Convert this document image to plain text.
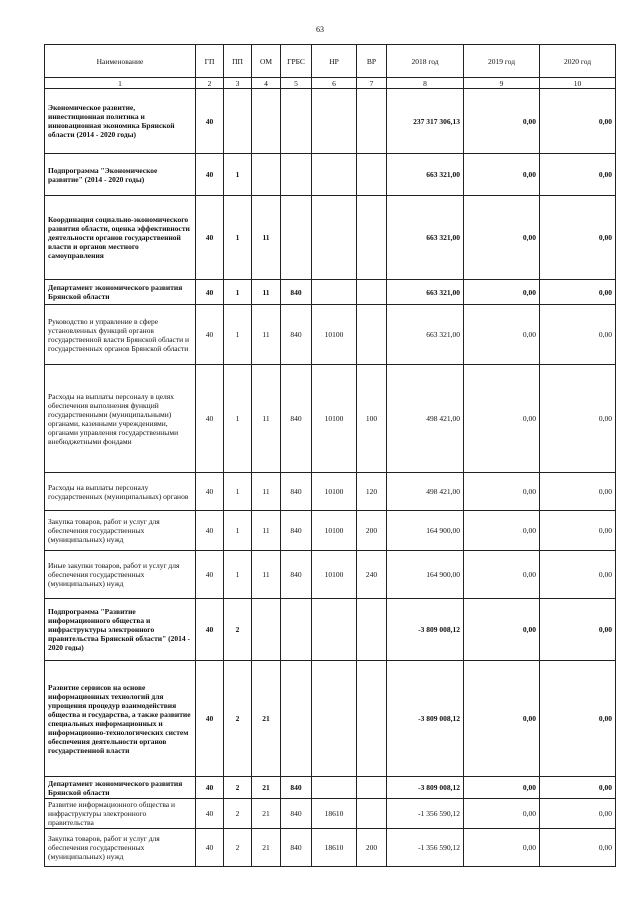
63
Наименование	ГП	ПП	ОМ	ГРБС	НР	ВР	2018 год	2019 год	2020 год
1	2	3	4	5	6	7	8	9	10
Экономическое развитие, инвестиционная политика и инновационная экономика Брянской области (2014 - 2020 годы)	40						237 317 306,13	0,00	0,00
Подпрограмма "Экономическое развитие" (2014 - 2020 годы)	40	1					663 321,00	0,00	0,00
Координация социально-экономического развития области, оценка эффективности деятельности органов государственной власти и органов местного самоуправления	40	1	11				663 321,00	0,00	0,00
Департамент экономического развития Брянской области	40	1	11	840			663 321,00	0,00	0,00
Руководство и управление в сфере установленных функций органов государственной власти Брянской области и государственных органов Брянской области	40	1	11	840	10100		663 321,00	0,00	0,00
Расходы на выплаты персоналу в целях обеспечения выполнения функций государственными (муниципальными) органами, казенными учреждениями, органами управления государственными внебюджетными фондами	40	1	11	840	10100	100	498 421,00	0,00	0,00
Расходы на выплаты персоналу государственных (муниципальных) органов	40	1	11	840	10100	120	498 421,00	0,00	0,00
Закупка товаров, работ и услуг для обеспечения государственных (муниципальных) нужд	40	1	11	840	10100	200	164 900,00	0,00	0,00
Иные закупки товаров, работ и услуг для обеспечения государственных (муниципальных) нужд	40	1	11	840	10100	240	164 900,00	0,00	0,00
Подпрограмма "Развитие информационного общества и инфраструктуры электронного правительства Брянской области" (2014 - 2020 годы)	40	2					-3 809 008,12	0,00	0,00
Развитие сервисов на основе информационных технологий для упрощения процедур взаимодействия общества и государства, а также развитие специальных информационных и информационно-технологических систем обеспечения деятельности органов государственной власти	40	2	21				-3 809 008,12	0,00	0,00
Департамент экономического развития Брянской области	40	2	21	840			-3 809 008,12	0,00	0,00
Развитие информационного общества и инфраструктуры электронного правительства	40	2	21	840	18610		-1 356 590,12	0,00	0,00
Закупка товаров, работ и услуг для обеспечения государственных (муниципальных) нужд	40	2	21	840	18610	200	-1 356 590,12	0,00	0,00
